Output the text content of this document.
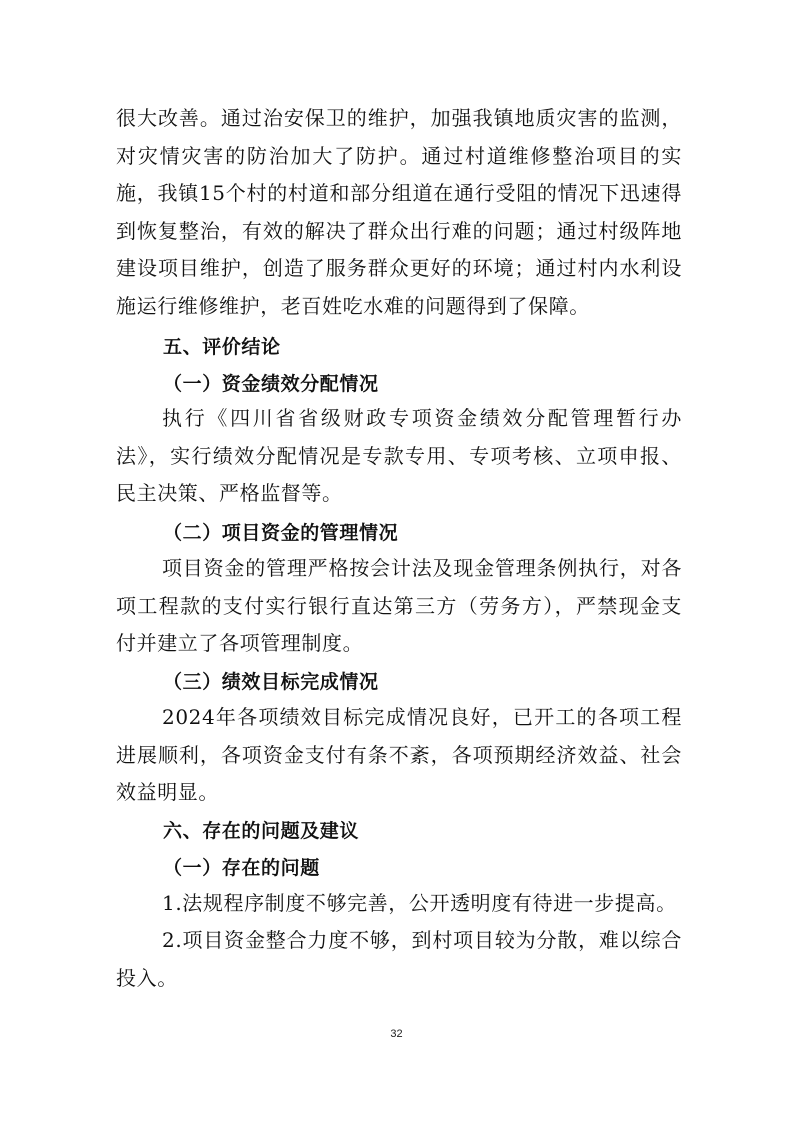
很大改善。通过治安保卫的维护，加强我镇地质灾害的监测，对灾情灾害的防治加大了防护。通过村道维修整治项目的实施，我镇15个村的村道和部分组道在通行受阻的情况下迅速得到恢复整治，有效的解决了群众出行难的问题；通过村级阵地建设项目维护，创造了服务群众更好的环境；通过村内水利设施运行维修维护，老百姓吃水难的问题得到了保障。

五、评价结论
（一）资金绩效分配情况

执行《四川省省级财政专项资金绩效分配管理暂行办法》，实行绩效分配情况是专款专用、专项考核、立项申报、民主决策、严格监督等。

（二）项目资金的管理情况

项目资金的管理严格按会计法及现金管理条例执行，对各项工程款的支付实行银行直达第三方（劳务方），严禁现金支付并建立了各项管理制度。

（三）绩效目标完成情况

2024年各项绩效目标完成情况良好，已开工的各项工程进展顺利，各项资金支付有条不紊，各项预期经济效益、社会效益明显。

六、存在的问题及建议
（一）存在的问题

1.法规程序制度不够完善，公开透明度有待进一步提高。

2.项目资金整合力度不够，到村项目较为分散，难以综合投入。

32
